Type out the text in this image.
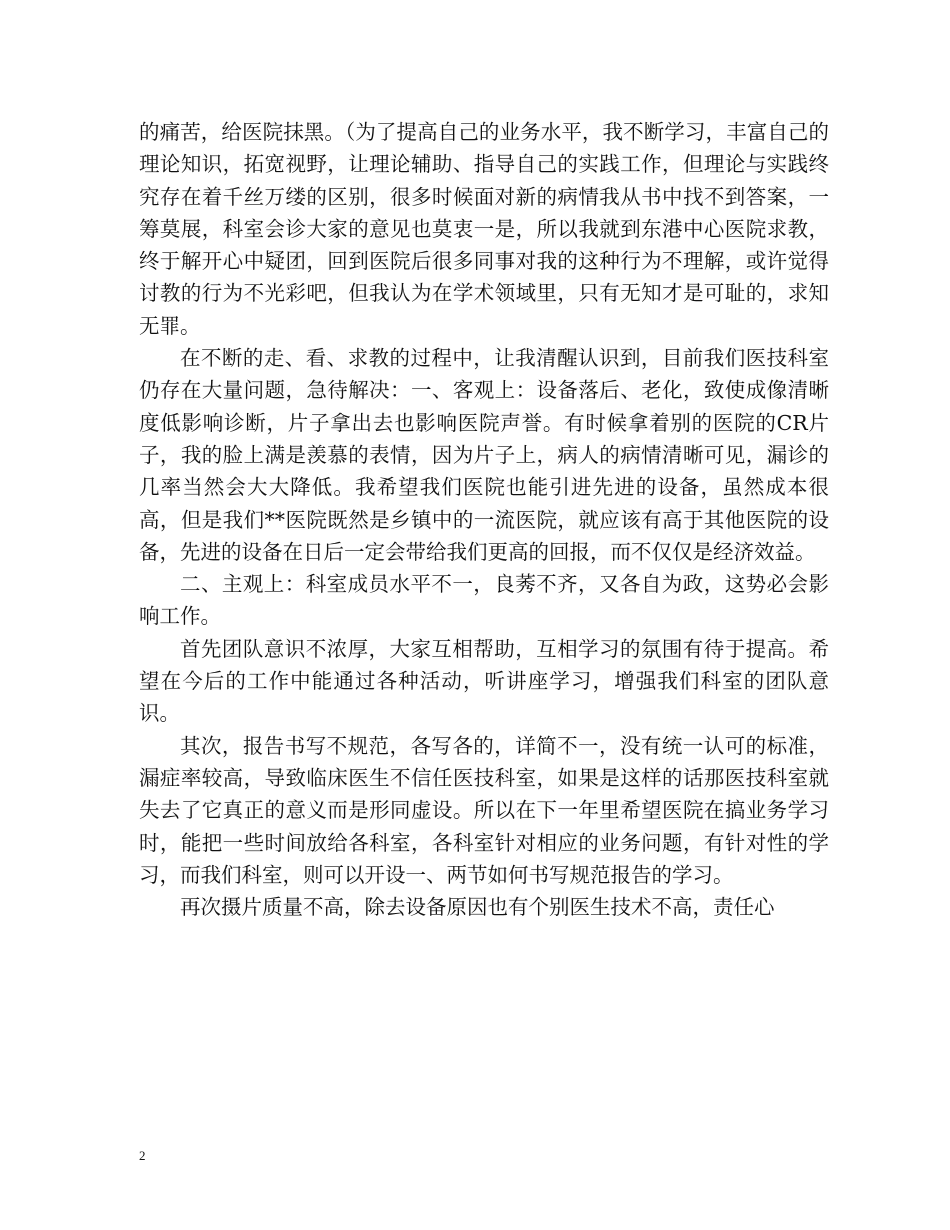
的痛苦，给医院抹黑。（为了提高自己的业务水平，我不断学习，丰富自己的理论知识，拓宽视野，让理论辅助、指导自己的实践工作，但理论与实践终究存在着千丝万缕的区别，很多时候面对新的病情我从书中找不到答案，一筹莫展，科室会诊大家的意见也莫衷一是，所以我就到东港中心医院求教，终于解开心中疑团，回到医院后很多同事对我的这种行为不理解，或许觉得讨教的行为不光彩吧，但我认为在学术领域里，只有无知才是可耻的，求知无罪。

在不断的走、看、求教的过程中，让我清醒认识到，目前我们医技科室仍存在大量问题，急待解决：一、客观上：设备落后、老化，致使成像清晰度低影响诊断，片子拿出去也影响医院声誉。有时候拿着别的医院的CR片子，我的脸上满是羡慕的表情，因为片子上，病人的病情清晰可见，漏诊的几率当然会大大降低。我希望我们医院也能引进先进的设备，虽然成本很高，但是我们**医院既然是乡镇中的一流医院，就应该有高于其他医院的设备，先进的设备在日后一定会带给我们更高的回报，而不仅仅是经济效益。

二、主观上：科室成员水平不一，良莠不齐，又各自为政，这势必会影响工作。

首先团队意识不浓厚，大家互相帮助，互相学习的氛围有待于提高。希望在今后的工作中能通过各种活动，听讲座学习，增强我们科室的团队意识。

其次，报告书写不规范，各写各的，详简不一，没有统一认可的标准，漏症率较高，导致临床医生不信任医技科室，如果是这样的话那医技科室就失去了它真正的意义而是形同虚设。所以在下一年里希望医院在搞业务学习时，能把一些时间放给各科室，各科室针对相应的业务问题，有针对性的学习，而我们科室，则可以开设一、两节如何书写规范报告的学习。

再次摄片质量不高，除去设备原因也有个别医生技术不高，责任心

2
